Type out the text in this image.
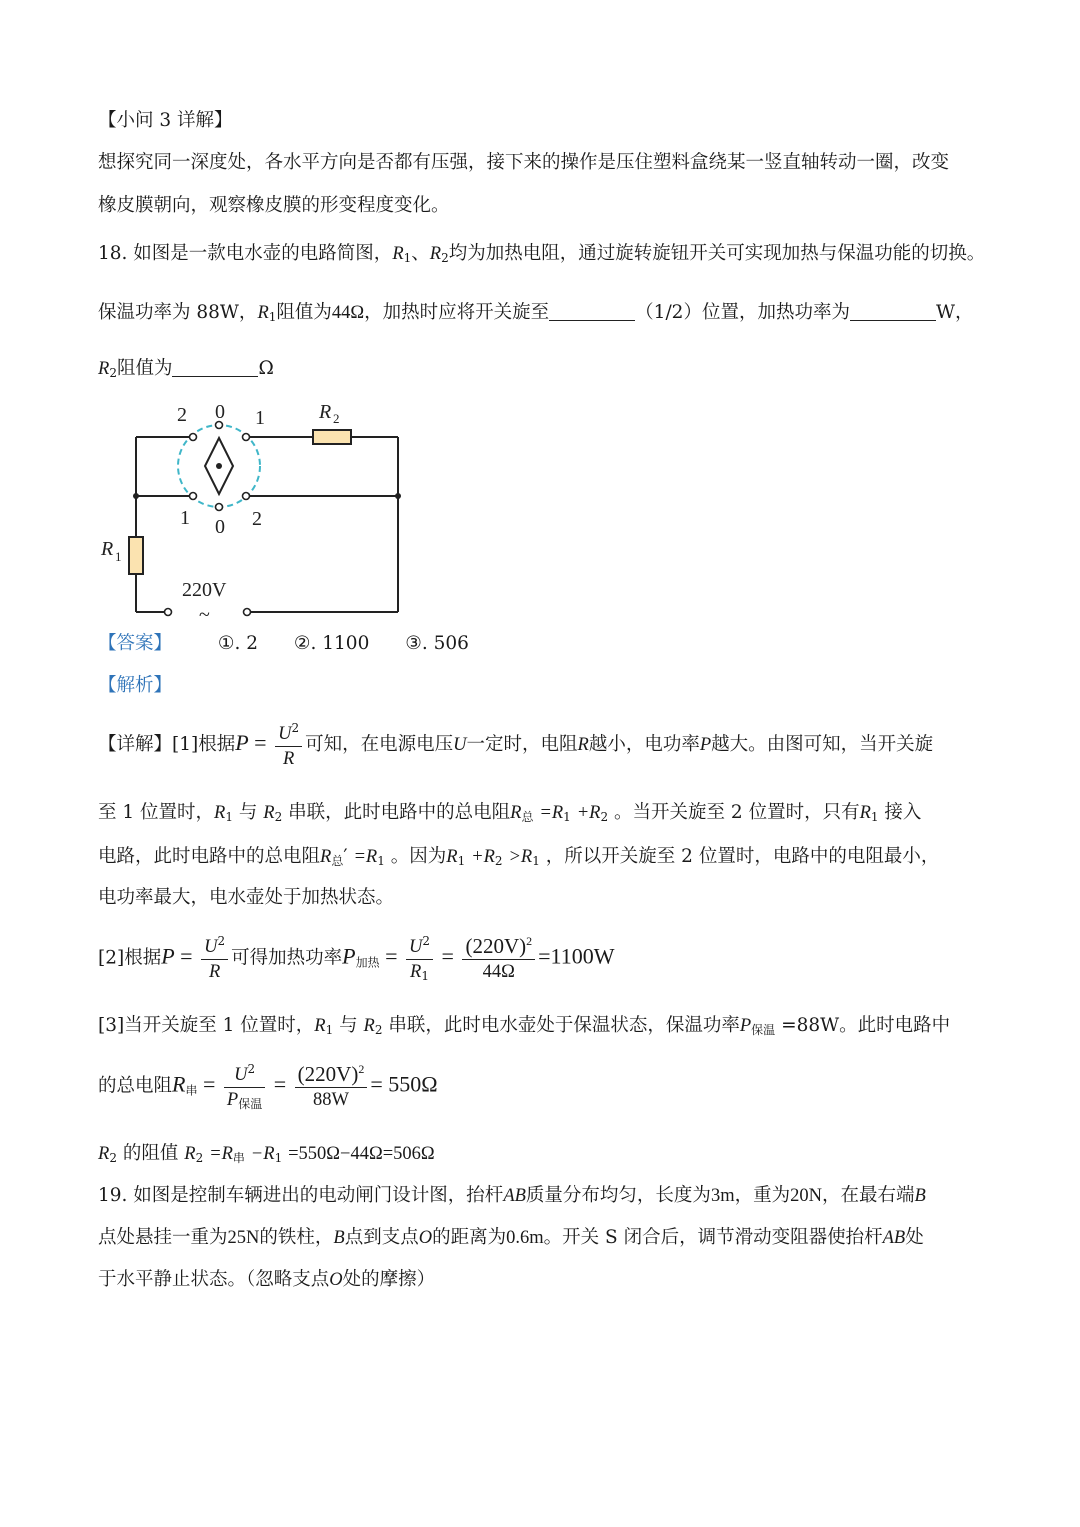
【小问 3 详解】
想探究同一深度处，各水平方向是否都有压强，接下来的操作是压住塑料盒绕某一竖直轴转动一圈，改变
橡皮膜朝向，观察橡皮膜的形变程度变化。
18. 如图是一款电水壶的电路简图，$R_1$、$R_2$均为加热电阻，通过旋转旋钮开关可实现加热与保温功能的切换。
保温功率为 88W，$R_1$阻值为44Ω，加热时应将开关旋至	（1/2）位置，加热功率为	W，
$R_2$阻值为	Ω
2 0 1
1 0 2
R 2
R 1
220V
~
【答案】 ①. 2 ②. 1100 ③. 506
【解析】
【详解】[1]根据$P = \frac{U^2}{R}$ 可知，在电源电压U一定时，电阻R越小，电功率P越大。由图可知，当开关旋
至 1 位置时，$R_1$ 与 $R_2$ 串联，此时电路中的总电阻$R_总 =R_1 +R_2$ 。当开关旋至 2 位置时，只有$R_1$ 接入
电路，此时电路中的总电阻$R_总' =R_1$ 。因为$R_1 +R_2 >R_1$ ，所以开关旋至 2 位置时，电路中的电阻最小，
电功率最大，电水壶处于加热状态。
[2]根据$P = \frac{U^2}{R}$ 可得加热功率$P_{加热} = \frac{U^2}{R_1} = \frac{(220V)^2}{44\Omega} =1100W$
[3]当开关旋至 1 位置时，$R_1$ 与 $R_2$ 串联，此时电水壶处于保温状态，保温功率$P_{保温} =88W$。此时电路中
的总电阻$R_串 = \frac{U^2}{P_{保温}} = \frac{(220V)^2}{88W} = 550\Omega$
$R_2$ 的阻值 $R_2 =R_串 -R_1 =550\Omega-44\Omega=506\Omega$
19. 如图是控制车辆进出的电动闸门设计图，抬杆AB质量分布均匀，长度为3m，重为20N，在最右端B
点处悬挂一重为25N的铁柱，B点到支点O的距离为0.6m。开关 S 闭合后，调节滑动变阻器使抬杆AB处
于水平静止状态。（忽略支点O处的摩擦）
